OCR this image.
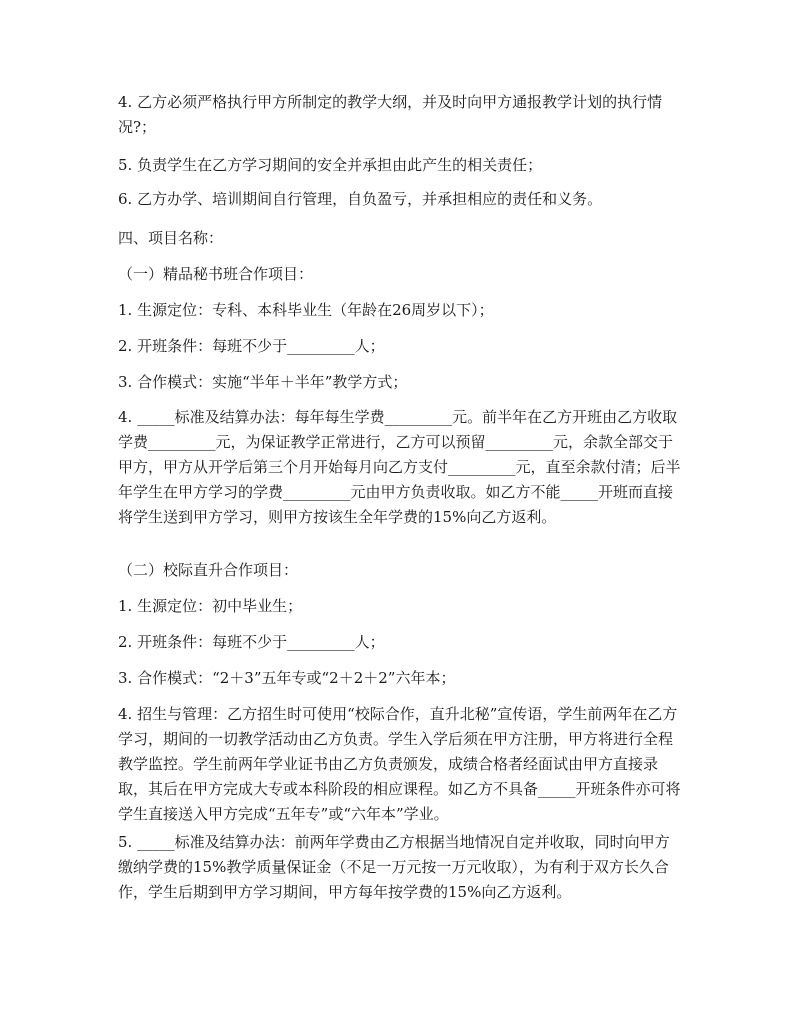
4. 乙方必须严格执行甲方所制定的教学大纲，并及时向甲方通报教学计划的执行情况?；

5. 负责学生在乙方学习期间的安全并承担由此产生的相关责任；

6. 乙方办学、培训期间自行管理，自负盈亏，并承担相应的责任和义务。

四、项目名称：

（一）精品秘书班合作项目：

1. 生源定位：专科、本科毕业生（年龄在26周岁以下）；

2. 开班条件：每班不少于_________人；

3. 合作模式：实施“半年＋半年”教学方式；

4. _____标准及结算办法：每年每生学费_________元。前半年在乙方开班由乙方收取学费_________元，为保证教学正常进行，乙方可以预留_________元，余款全部交于甲方，甲方从开学后第三个月开始每月向乙方支付_________元，直至余款付清；后半年学生在甲方学习的学费_________元由甲方负责收取。如乙方不能_____开班而直接将学生送到甲方学习，则甲方按该生全年学费的15%向乙方返利。

（二）校际直升合作项目：

1. 生源定位：初中毕业生；

2. 开班条件：每班不少于_________人；

3. 合作模式：“2＋3”五年专或“2＋2＋2”六年本；

4. 招生与管理：乙方招生时可使用“校际合作，直升北秘”宣传语，学生前两年在乙方学习，期间的一切教学活动由乙方负责。学生入学后须在甲方注册，甲方将进行全程教学监控。学生前两年学业证书由乙方负责颁发，成绩合格者经面试由甲方直接录取，其后在甲方完成大专或本科阶段的相应课程。如乙方不具备_____开班条件亦可将学生直接送入甲方完成“五年专”或“六年本”学业。

5. _____标准及结算办法：前两年学费由乙方根据当地情况自定并收取，同时向甲方缴纳学费的15%教学质量保证金（不足一万元按一万元收取），为有利于双方长久合作，学生后期到甲方学习期间，甲方每年按学费的15%向乙方返利。
